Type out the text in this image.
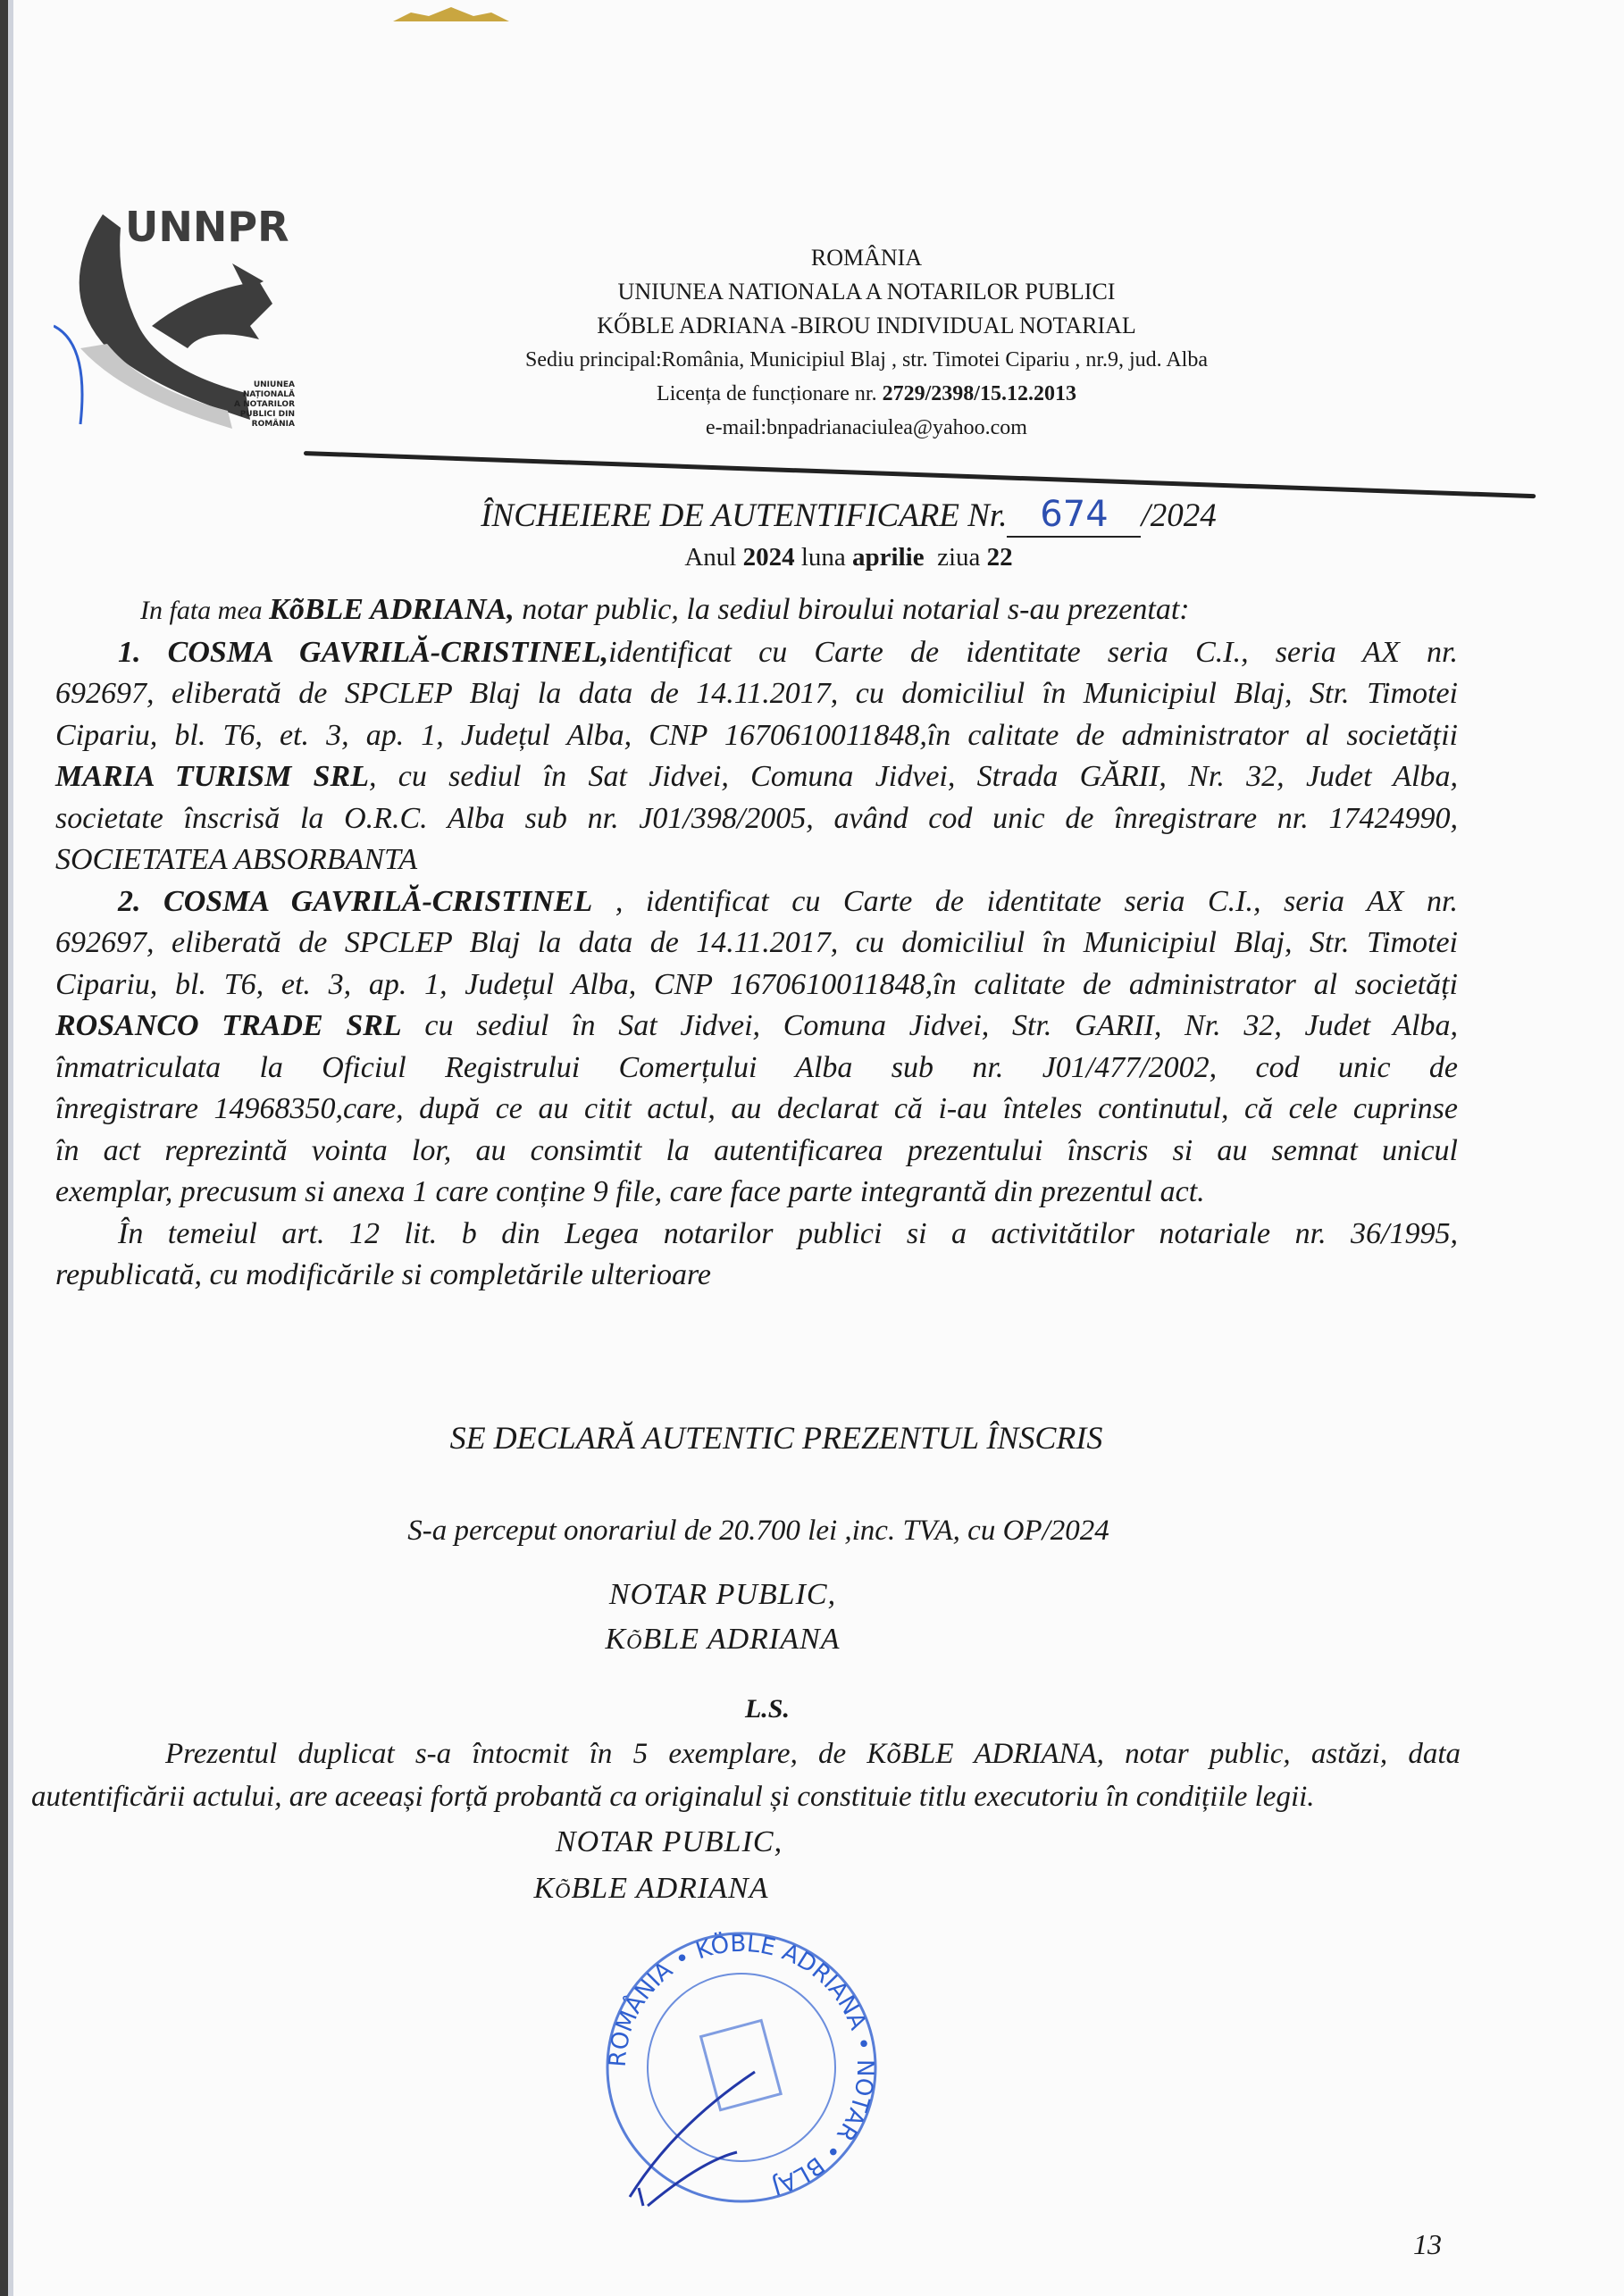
UNNPR
UNIUNEA
NAȚIONALĂ
A NOTARILOR
PUBLICI DIN
ROMÂNIA
ROMÂNIA
UNIUNEA NATIONALA A NOTARILOR PUBLICI
KŐBLE ADRIANA -BIROU INDIVIDUAL NOTARIAL
Sediu principal:România, Municipiul Blaj , str. Timotei Cipariu , nr.9, jud. Alba
Licența de funcționare nr. 2729/2398/15.12.2013
e-mail:bnpadrianaciulea@yahoo.com
ÎNCHEIERE DE AUTENTIFICARE Nr. 674 /2024
Anul 2024 luna aprilie ziua 22
In fata mea KõBLE ADRIANA, notar public, la sediul biroului notarial s-au prezentat:
1. COSMA GAVRILĂ-CRISTINEL,identificat cu Carte de identitate seria C.I., seria AX nr.
692697, eliberată de SPCLEP Blaj la data de 14.11.2017, cu domiciliul în Municipiul Blaj, Str. Timotei
Cipariu, bl. T6, et. 3, ap. 1, Județul Alba, CNP 1670610011848,în calitate de administrator al societății
MARIA TURISM SRL, cu sediul în Sat Jidvei, Comuna Jidvei, Strada GĂRII, Nr. 32, Judet Alba,
societate înscrisă la O.R.C. Alba sub nr. J01/398/2005, având cod unic de înregistrare nr. 17424990,
SOCIETATEA ABSORBANTA
2. COSMA GAVRILĂ-CRISTINEL , identificat cu Carte de identitate seria C.I., seria AX nr.
692697, eliberată de SPCLEP Blaj la data de 14.11.2017, cu domiciliul în Municipiul Blaj, Str. Timotei
Cipariu, bl. T6, et. 3, ap. 1, Județul Alba, CNP 1670610011848,în calitate de administrator al societăți
ROSANCO TRADE SRL cu sediul în Sat Jidvei, Comuna Jidvei, Str. GARII, Nr. 32, Judet Alba,
înmatriculata la Oficiul Registrului Comerțului Alba sub nr. J01/477/2002, cod unic de
înregistrare 14968350,care, după ce au citit actul, au declarat că i-au înteles continutul, că cele cuprinse
în act reprezintă vointa lor, au consimtit la autentificarea prezentului înscris si au semnat unicul
exemplar, precusum si anexa 1 care conține 9 file, care face parte integrantă din prezentul act.
În temeiul art. 12 lit. b din Legea notarilor publici si a activitătilor notariale nr. 36/1995,
republicată, cu modificările si completările ulterioare
SE DECLARĂ AUTENTIC PREZENTUL ÎNSCRIS
S-a perceput onorariul de 20.700 lei ,inc. TVA, cu OP/2024
NOTAR PUBLIC,
KõBLE ADRIANA
L.S.
Prezentul duplicat s-a întocmit în 5 exemplare, de KõBLE ADRIANA, notar public, astăzi, data
autentificării actului, are aceeași forță probantă ca originalul și constituie titlu executoriu în condițiile legii.
NOTAR PUBLIC,
KõBLE ADRIANA
ROMÂNIA • KÖBLE ADRIANA • NOTAR • BLAJ
13
